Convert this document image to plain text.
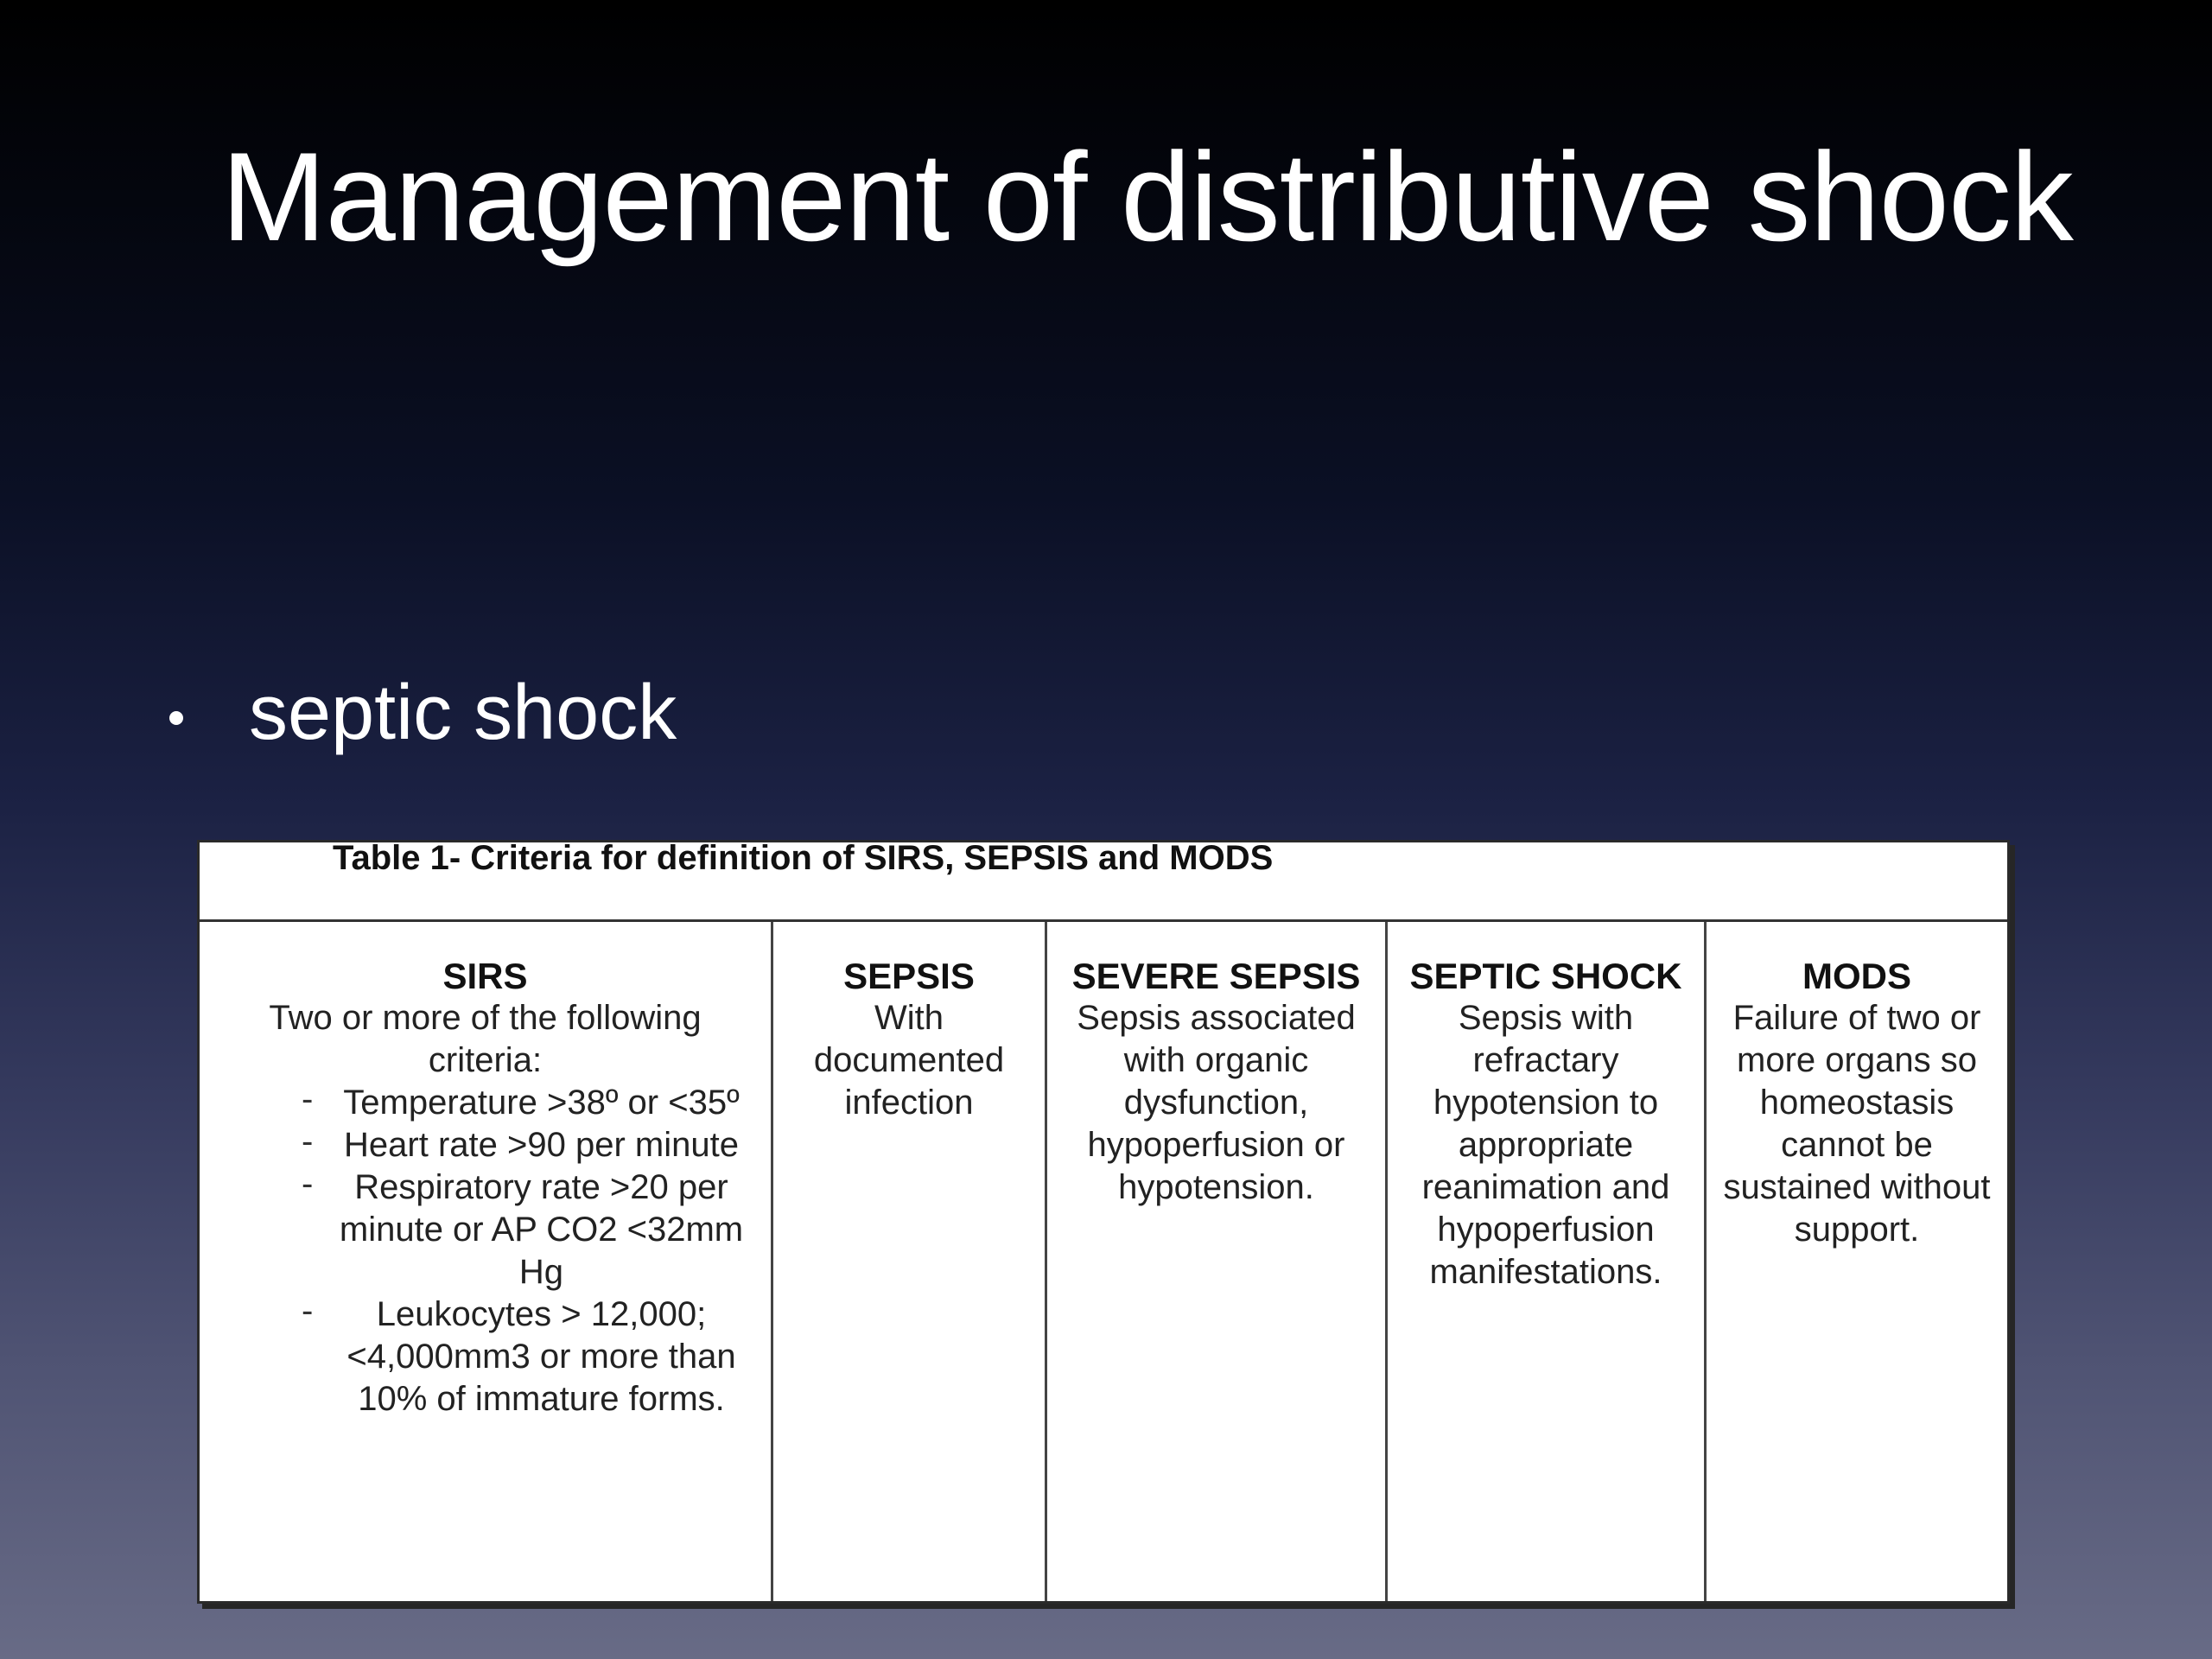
Management of distributive shock
septic shock
Table 1- Criteria for definition of SIRS, SEPSIS and MODS
SIRS
Two or more of the following criteria:
- Temperature >38º or <35º
- Heart rate >90 per minute
- Respiratory rate >20 per minute or AP CO2 <32mm Hg
- Leukocytes > 12,000; <4,000mm3 or more than 10% of immature forms.
SEPSIS
With documented infection
SEVERE SEPSIS
Sepsis associated with organic dysfunction, hypoperfusion or hypotension.
SEPTIC SHOCK
Sepsis with refractary hypotension to appropriate reanimation and hypoperfusion manifestations.
MODS
Failure of two or more organs so homeostasis cannot be sustained without support.
